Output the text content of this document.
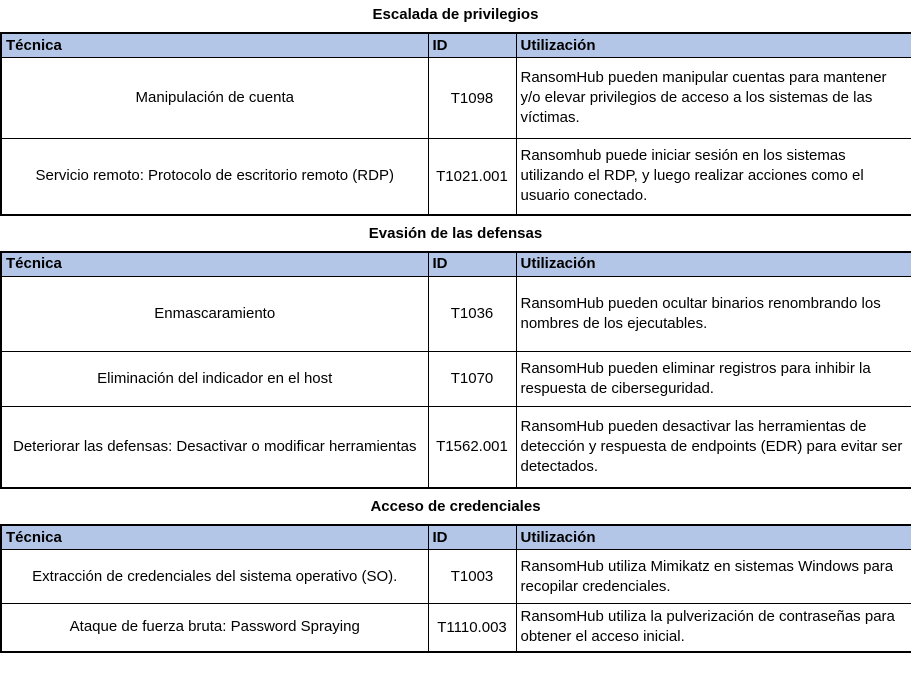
Escalada de privilegios
Técnica	ID	Utilización
Manipulación de cuenta	T1098	RansomHub pueden manipular cuentas para mantener y/o elevar privilegios de acceso a los sistemas de las víctimas.
Servicio remoto: Protocolo de escritorio remoto (RDP)	T1021.001	Ransomhub puede iniciar sesión en los sistemas utilizando el RDP, y luego realizar acciones como el usuario conectado.
Evasión de las defensas
Técnica	ID	Utilización
Enmascaramiento	T1036	RansomHub pueden ocultar binarios renombrando los nombres de los ejecutables.
Eliminación del indicador en el host	T1070	RansomHub pueden eliminar registros para inhibir la respuesta de ciberseguridad.
Deteriorar las defensas: Desactivar o modificar herramientas	T1562.001	RansomHub pueden desactivar las herramientas de detección y respuesta de endpoints (EDR) para evitar ser detectados.
Acceso de credenciales
Técnica	ID	Utilización
Extracción de credenciales del sistema operativo (SO).	T1003	RansomHub utiliza Mimikatz en sistemas Windows para recopilar credenciales.
Ataque de fuerza bruta: Password Spraying	T1110.003	RansomHub utiliza la pulverización de contraseñas para obtener el acceso inicial.
